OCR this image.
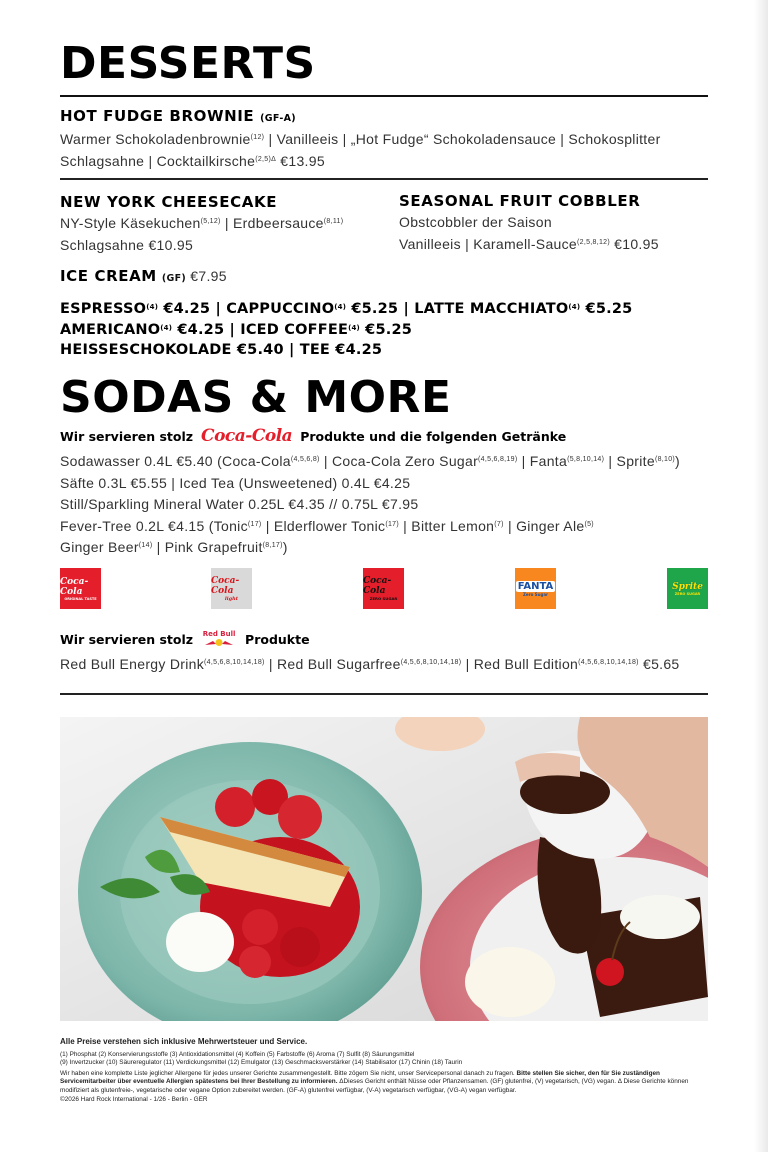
DESSERTS
HOT FUDGE BROWNIE (GF-A)
Warmer Schokoladenbrownie$^{(12)}$ | Vanilleeis | „Hot Fudge“ Schokoladensauce | Schokosplitter
Schlagsahne | Cocktailkirsche$^{(2,5)\Delta}$ €13.95
NEW YORK CHEESECAKE
NY-Style Käsekuchen$^{(5,12)}$ | Erdbeersauce$^{(8,11)}$
Schlagsahne €10.95
SEASONAL FRUIT COBBLER
Obstcobbler der Saison
Vanilleeis | Karamell-Sauce$^{(2,5,8,12)}$ €10.95
ICE CREAM (GF) €7.95
ESPRESSO$^{(4)}$ €4.25 | CAPPUCCINO$^{(4)}$ €5.25 | LATTE MACCHIATO$^{(4)}$ €5.25
AMERICANO$^{(4)}$ €4.25 | ICED COFFEE$^{(4)}$ €5.25
HEISSESCHOKOLADE €5.40 | TEE €4.25
SODAS & MORE
Wir servieren stolz Coca-Cola Produkte und die folgenden Getränke
Sodawasser 0.4L €5.40 (Coca-Cola$^{(4,5,6,8)}$ | Coca-Cola Zero Sugar$^{(4,5,6,8,19)}$ | Fanta$^{(5,8,10,14)}$ | Sprite$^{(8,10)}$)
Säfte 0.3L €5.55 | Iced Tea (Unsweetened) 0.4L €4.25
Still/Sparkling Mineral Water 0.25L €4.35 // 0.75L €7.95
Fever-Tree 0.2L €4.15 (Tonic$^{(17)}$ | Elderflower Tonic$^{(17)}$ | Bitter Lemon$^{(7)}$ | Ginger Ale$^{(5)}$
Ginger Beer$^{(14)}$ | Pink Grapefruit$^{(8,17)}$)
Coca-Cola
ORIGINAL TASTE
Coca-Cola
light
Coca-Cola
ZERO SUGAR
FANTA
Zero Sugar
Sprite
ZERO SUGAR
Wir servieren stolz Red Bull Produkte
Red Bull Energy Drink$^{(4,5,6,8,10,14,18)}$ | Red Bull Sugarfree$^{(4,5,6,8,10,14,18)}$ | Red Bull Edition$^{(4,5,6,8,10,14,18)}$ €5.65
Alle Preise verstehen sich inklusive Mehrwertsteuer und Service.
(1) Phosphat (2) Konservierungsstoffe (3) Antioxidationsmittel (4) Koffein (5) Farbstoffe (6) Aroma (7) Sulfit (8) Säurungsmittel
(9) Invertzucker (10) Säureregulator (11) Verdickungsmittel (12) Emulgator (13) Geschmacksverstärker (14) Stabilisator (17) Chinin (18) Taurin
Wir haben eine komplette Liste jeglicher Allergene für jedes unserer Gerichte zusammengestellt. Bitte zögern Sie nicht, unser Servicepersonal danach zu fragen. Bitte stellen Sie sicher, den für Sie zuständigen Servicemitarbeiter über eventuelle Allergien spätestens bei Ihrer Bestellung zu informieren. ΔDieses Gericht enthält Nüsse oder Pflanzensamen. (GF) glutenfrei, (V) vegetarisch, (VG) vegan. Δ Diese Gerichte können modifiziert als glutenfreie-, vegetarische oder vegane Option zubereitet werden. (GF-A) glutenfrei verfügbar, (V-A) vegetarisch verfügbar, (VG-A) vegan verfügbar.
©2026 Hard Rock International - 1/26 - Berlin - GER
